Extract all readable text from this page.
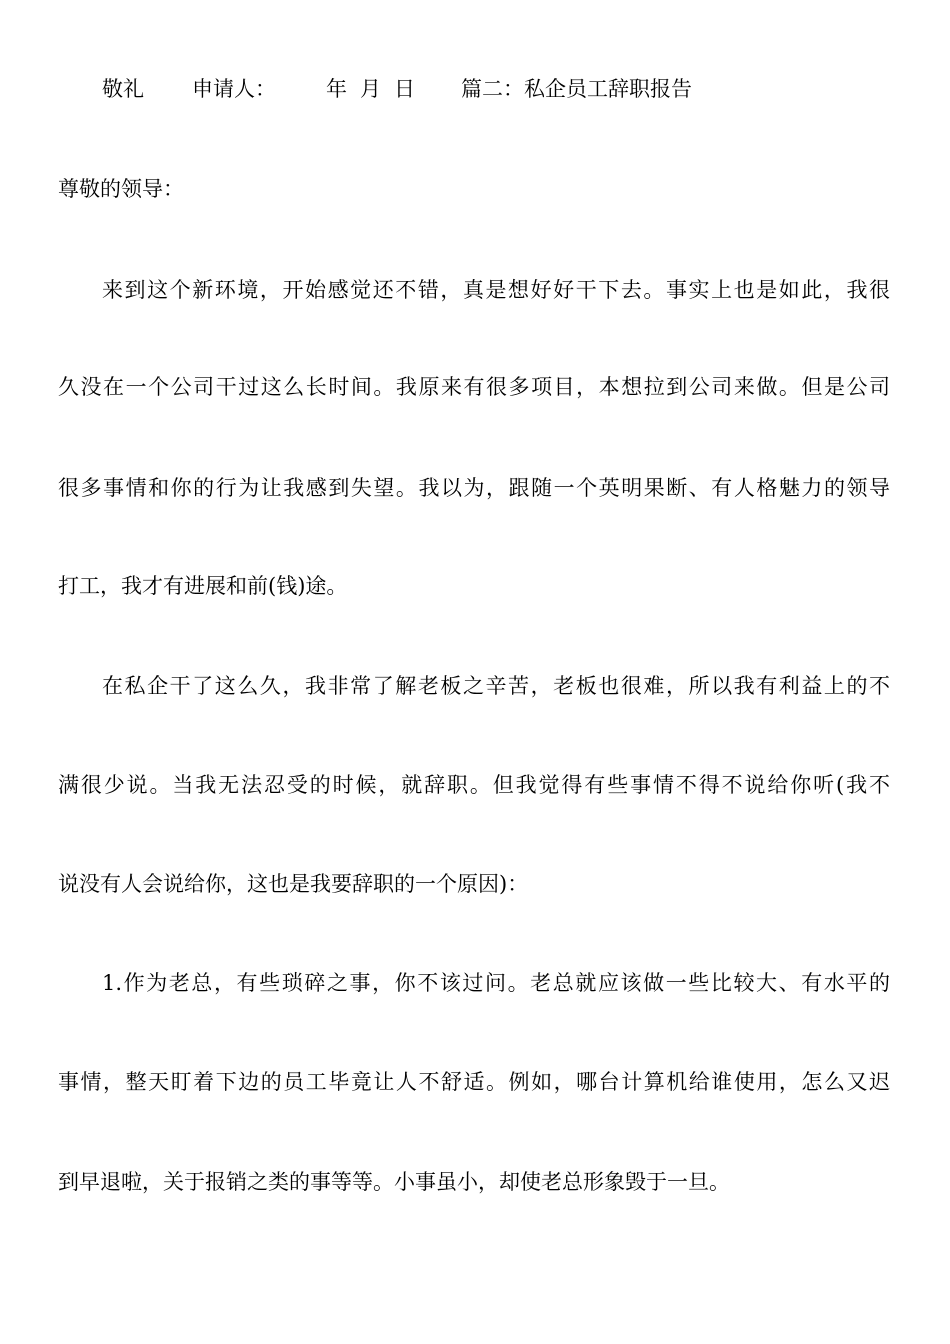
敬礼 申请人： 年 月 日 篇二：私企员工辞职报告
尊敬的领导：
来到这个新环境，开始感觉还不错，真是想好好干下去。事实上也是如此，我很
久没在一个公司干过这么长时间。我原来有很多项目，本想拉到公司来做。但是公司
很多事情和你的行为让我感到失望。我以为，跟随一个英明果断、有人格魅力的领导
打工，我才有进展和前(钱)途。
在私企干了这么久，我非常了解老板之辛苦，老板也很难，所以我有利益上的不
满很少说。当我无法忍受的时候，就辞职。但我觉得有些事情不得不说给你听(我不
说没有人会说给你，这也是我要辞职的一个原因)：
1.作为老总，有些琐碎之事，你不该过问。老总就应该做一些比较大、有水平的
事情，整天盯着下边的员工毕竟让人不舒适。例如，哪台计算机给谁使用，怎么又迟
到早退啦，关于报销之类的事等等。小事虽小，却使老总形象毁于一旦。
